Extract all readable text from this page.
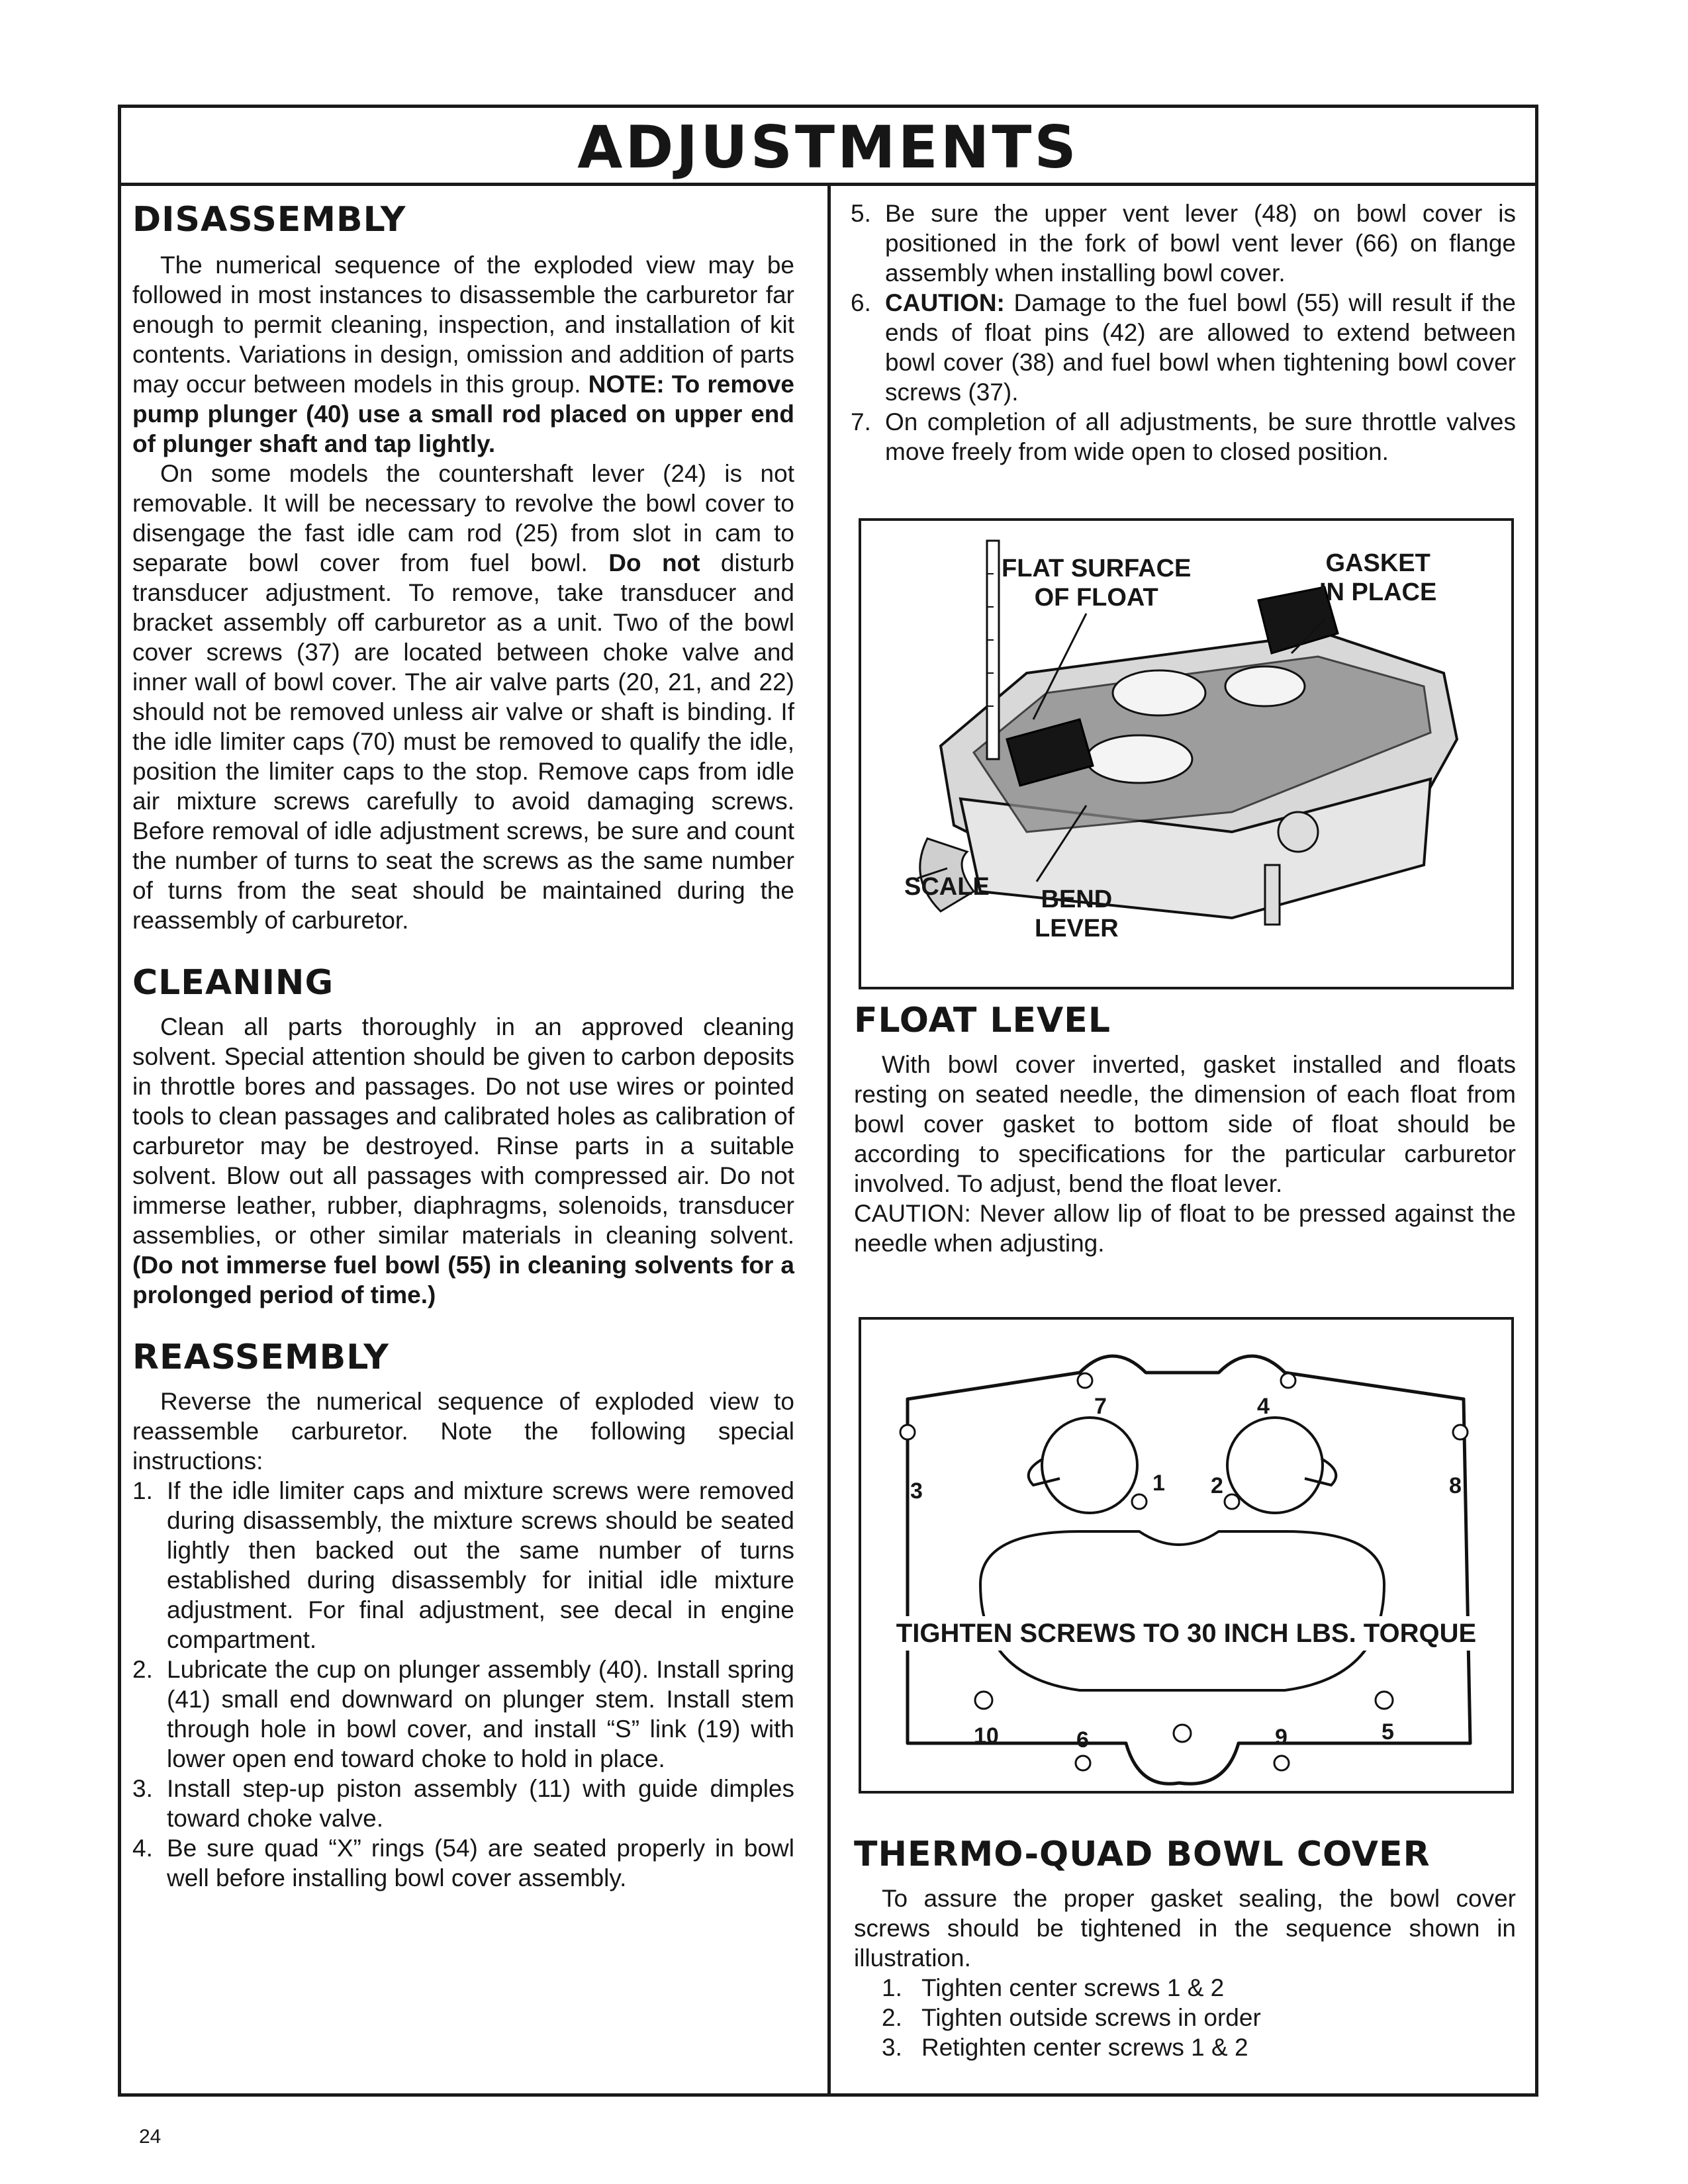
ADJUSTMENTS
DISASSEMBLY

The numerical sequence of the exploded view may be followed in most instances to disassemble the carburetor far enough to permit cleaning, inspection, and installation of kit contents. Variations in design, omission and addition of parts may occur between models in this group. NOTE: To remove pump plunger (40) use a small rod placed on upper end of plunger shaft and tap lightly.

On some models the countershaft lever (24) is not removable. It will be necessary to revolve the bowl cover to disengage the fast idle cam rod (25) from slot in cam to separate bowl cover from fuel bowl. Do not disturb transducer adjustment. To remove, take transducer and bracket assembly off carburetor as a unit. Two of the bowl cover screws (37) are located between choke valve and inner wall of bowl cover. The air valve parts (20, 21, and 22) should not be removed unless air valve or shaft is binding. If the idle limiter caps (70) must be removed to qualify the idle, position the limiter caps to the stop. Remove caps from idle air mixture screws carefully to avoid damaging screws. Before removal of idle adjustment screws, be sure and count the number of turns to seat the screws as the same number of turns from the seat should be maintained during the reassembly of carburetor.

CLEANING

Clean all parts thoroughly in an approved cleaning solvent. Special attention should be given to carbon deposits in throttle bores and passages. Do not use wires or pointed tools to clean passages and calibrated holes as calibration of carburetor may be destroyed. Rinse parts in a suitable solvent. Blow out all passages with compressed air. Do not immerse leather, rubber, diaphragms, solenoids, transducer assemblies, or other similar materials in cleaning solvent. (Do not immerse fuel bowl (55) in cleaning solvents for a prolonged period of time.)

REASSEMBLY

Reverse the numerical sequence of exploded view to reassemble carburetor. Note the following special instructions:

1. If the idle limiter caps and mixture screws were removed during disassembly, the mixture screws should be seated lightly then backed out the same number of turns established during disassembly for initial idle mixture adjustment. For final adjustment, see decal in engine compartment.
2. Lubricate the cup on plunger assembly (40). Install spring (41) small end downward on plunger stem. Install stem through hole in bowl cover, and install “S” link (19) with lower open end toward choke to hold in place.
3. Install step-up piston assembly (11) with guide dimples toward choke valve.
4. Be sure quad “X” rings (54) are seated properly in bowl well before installing bowl cover assembly.
5. Be sure the upper vent lever (48) on bowl cover is positioned in the fork of bowl vent lever (66) on flange assembly when installing bowl cover.
6. CAUTION: Damage to the fuel bowl (55) will result if the ends of float pins (42) are allowed to extend between bowl cover (38) and fuel bowl when tightening bowl cover screws (37).
7. On completion of all adjustments, be sure throttle valves move freely from wide open to closed position.
FLAT SURFACE
OF FLOAT
GASKET
IN PLACE
SCALE BEND
LEVER
FLOAT LEVEL

With bowl cover inverted, gasket installed and floats resting on seated needle, the dimension of each float from bowl cover gasket to bottom side of float should be according to specifications for the particular carburetor involved. To adjust, bend the float lever.

CAUTION: Never allow lip of float to be pressed against the needle when adjusting.

7	4
3	8
1 2
TIGHTEN SCREWS TO 30 INCH LBS. TORQUE
10	6	9	5
THERMO-QUAD BOWL COVER

To assure the proper gasket sealing, the bowl cover screws should be tightened in the sequence shown in illustration.

1. Tighten center screws 1 & 2
2. Tighten outside screws in order
3. Retighten center screws 1 & 2
24
